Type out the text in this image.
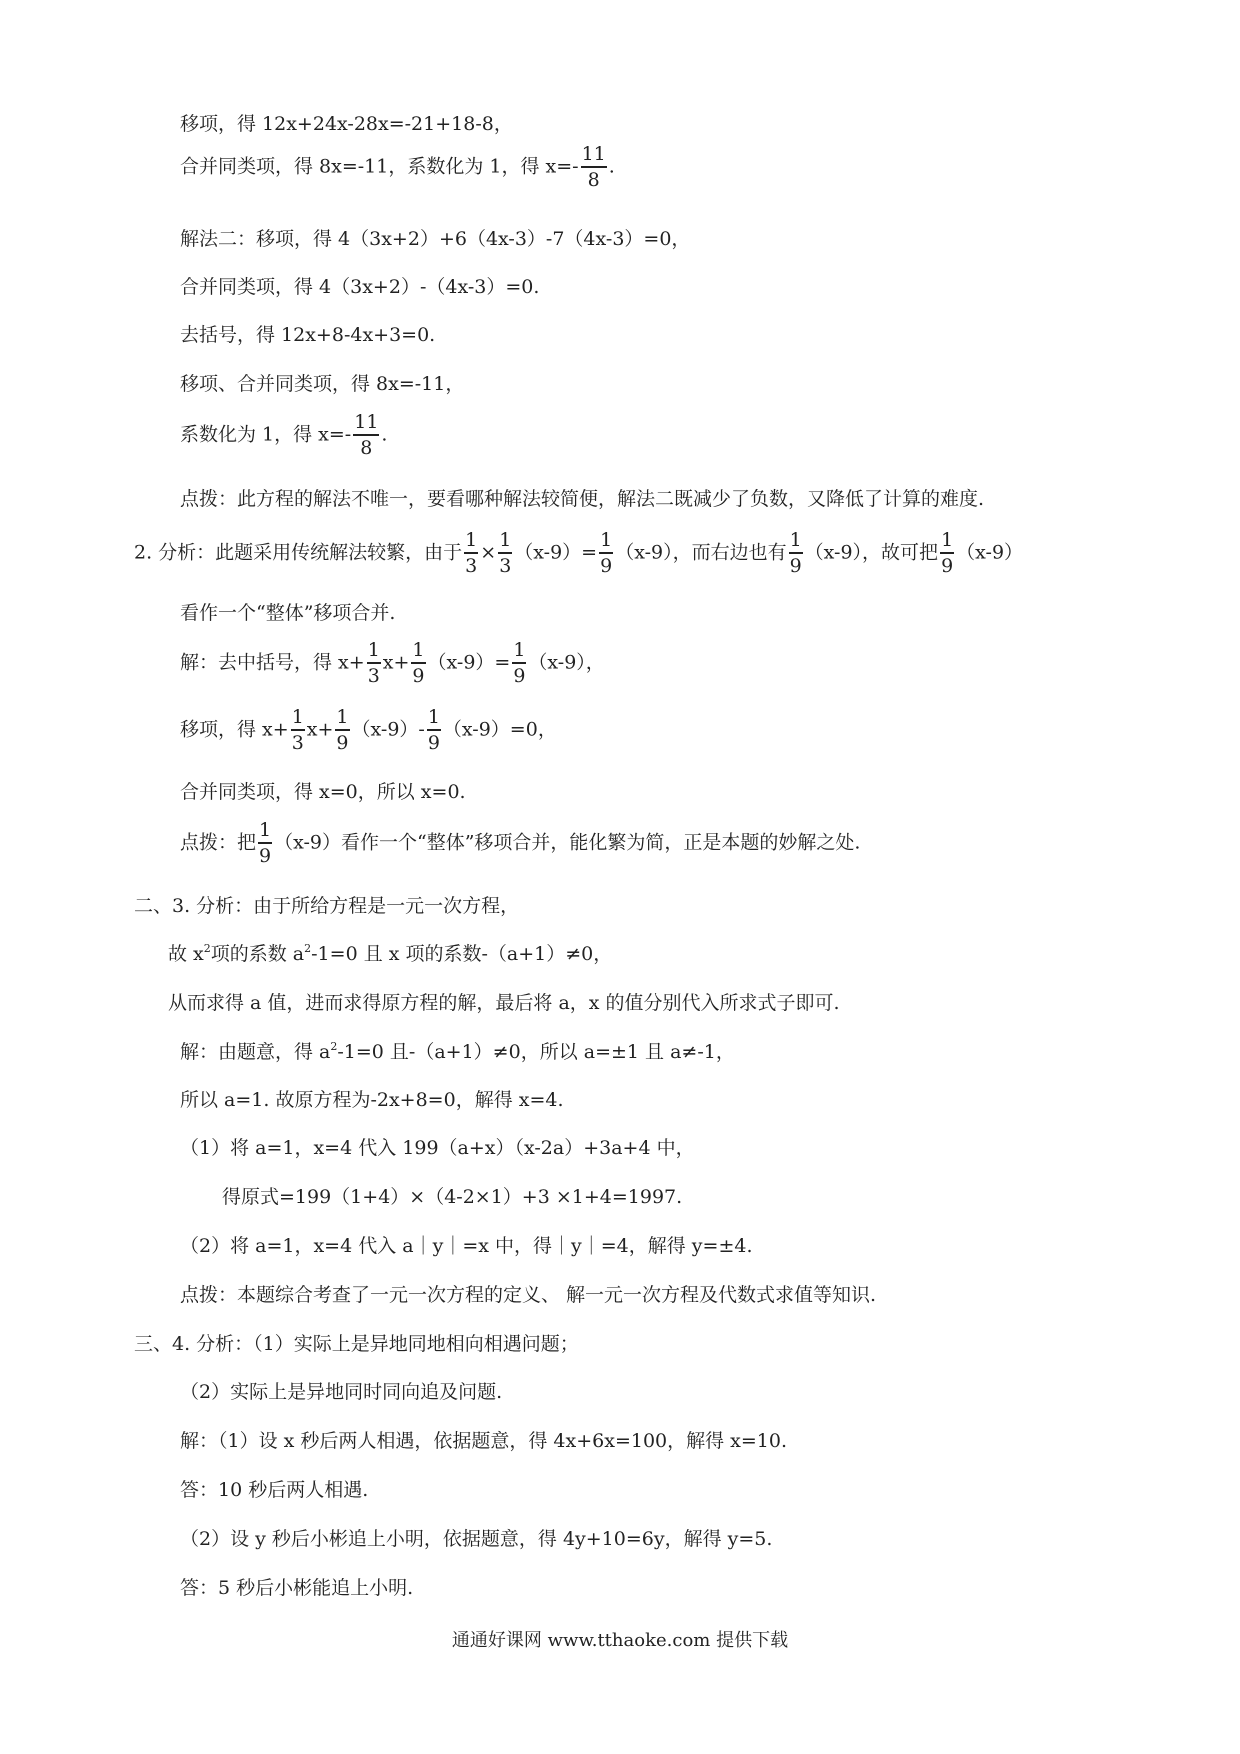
移项，得 12x+24x-28x=-21+18-8，
合并同类项，得 8x=-11，系数化为 1，得 $x=- \frac{11}{8}$ .
解法二：移项，得 4（3x+2）+6（4x-3）-7（4x-3）=0，
合并同类项，得 4（3x+2）-（4x-3）=0.
去括号，得 12x+8-4x+3=0.
移项、合并同类项，得 8x=-11，
系数化为 1，得 $x=- \frac{11}{8}$ .
点拨：此方程的解法不唯一，要看哪种解法较简便，解法二既减少了负数，又降低了计算的难度.
2. 分析：此题采用传统解法较繁，由于 $\frac{1}{3} \times \frac{1}{3} (x-9)= \frac{1}{9} (x-9)$，而右边也有 $\frac{1}{9} (x-9)$，故可把 $\frac{1}{9} (x-9)$
看作一个“整体”移项合并.
解：去中括号，得 $x+ \frac{1}{3} x+ \frac{1}{9} (x-9)= \frac{1}{9} (x-9)$，
移项，得 $x+ \frac{1}{3} x+ \frac{1}{9} (x-9)- \frac{1}{9} (x-9)=0$，
合并同类项，得 x=0，所以 x=0.
点拨：把 $\frac{1}{9} (x-9)$看作一个“整体”移项合并，能化繁为简，正是本题的妙解之处.
二、3. 分析：由于所给方程是一元一次方程，
故 $x^2$项的系数 $a^2-1=0$ 且 x 项的系数-（a+1）≠0，
从而求得 a 值，进而求得原方程的解，最后将 a，x 的值分别代入所求式子即可.
解：由题意，得 $a^2-1=0$ 且-（a+1）≠0，所以 a=±1 且 a≠-1，
所以 a=1. 故原方程为-2x+8=0，解得 x=4.
（1）将 a=1，x=4 代入 199（a+x）（x-2a）+3a+4 中，
得原式=199（1+4）×（4-2×1）+3 ×1+4=1997.
（2）将 a=1，x=4 代入 a｜y｜=x 中，得｜y｜=4，解得 y=±4.
点拨：本题综合考查了一元一次方程的定义、 解一元一次方程及代数式求值等知识.
三、4. 分析：（1）实际上是异地同地相向相遇问题；
（2）实际上是异地同时同向追及问题.
解：（1）设 x 秒后两人相遇，依据题意，得 4x+6x=100，解得 x=10.
答：10 秒后两人相遇.
（2）设 y 秒后小彬追上小明，依据题意，得 4y+10=6y，解得 y=5.
答：5 秒后小彬能追上小明.
通通好课网 www.tthaoke.com 提供下载
